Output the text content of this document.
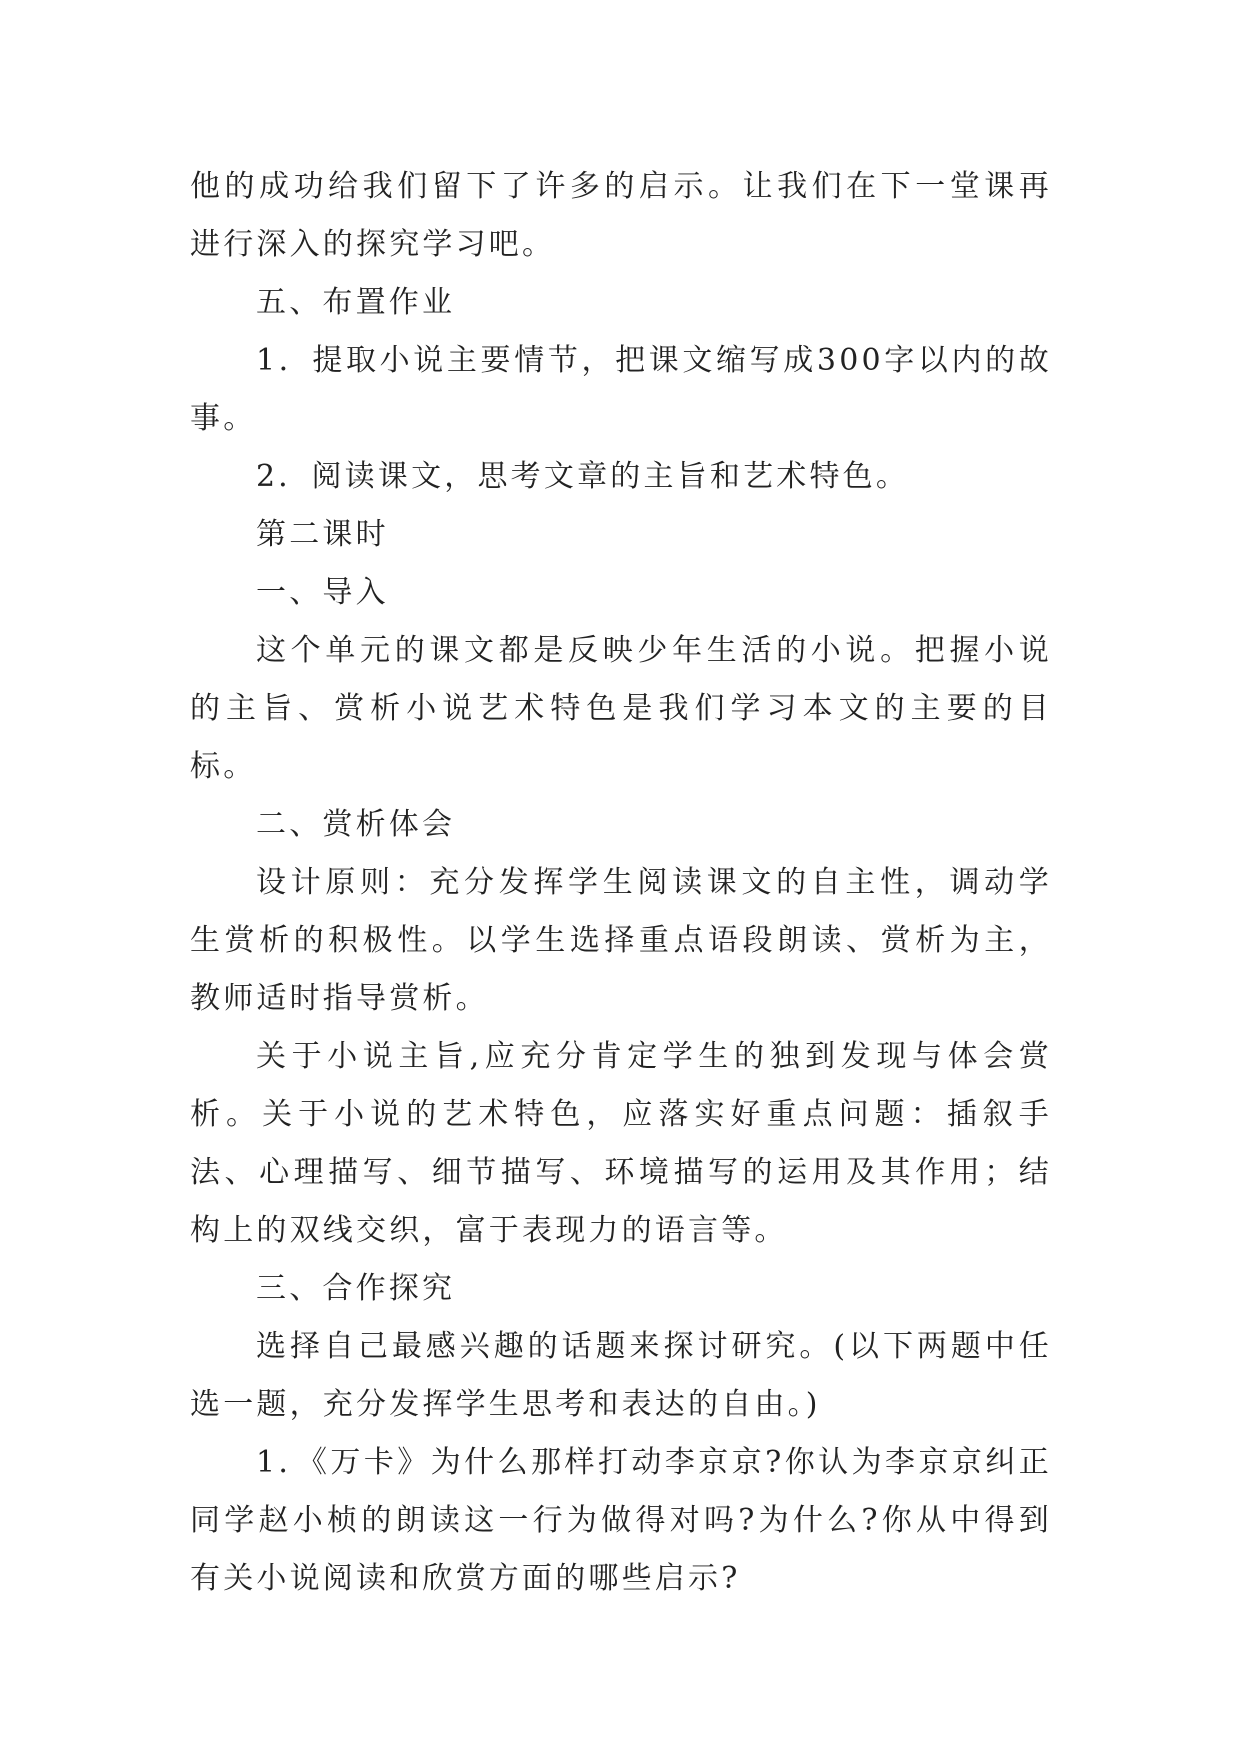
他的成功给我们留下了许多的启示。让我们在下一堂课再进行深入的探究学习吧。

五、布置作业

1．提取小说主要情节，把课文缩写成300字以内的故事。

2．阅读课文，思考文章的主旨和艺术特色。

第二课时

一、导入

这个单元的课文都是反映少年生活的小说。把握小说的主旨、赏析小说艺术特色是我们学习本文的主要的目标。

二、赏析体会

设计原则：充分发挥学生阅读课文的自主性，调动学生赏析的积极性。以学生选择重点语段朗读、赏析为主，教师适时指导赏析。

关于小说主旨,应充分肯定学生的独到发现与体会赏析。关于小说的艺术特色，应落实好重点问题：插叙手法、心理描写、细节描写、环境描写的运用及其作用；结构上的双线交织，富于表现力的语言等。

三、合作探究

选择自己最感兴趣的话题来探讨研究。(以下两题中任选一题，充分发挥学生思考和表达的自由。)

1．《万卡》为什么那样打动李京京?你认为李京京纠正同学赵小桢的朗读这一行为做得对吗?为什么?你从中得到有关小说阅读和欣赏方面的哪些启示?
